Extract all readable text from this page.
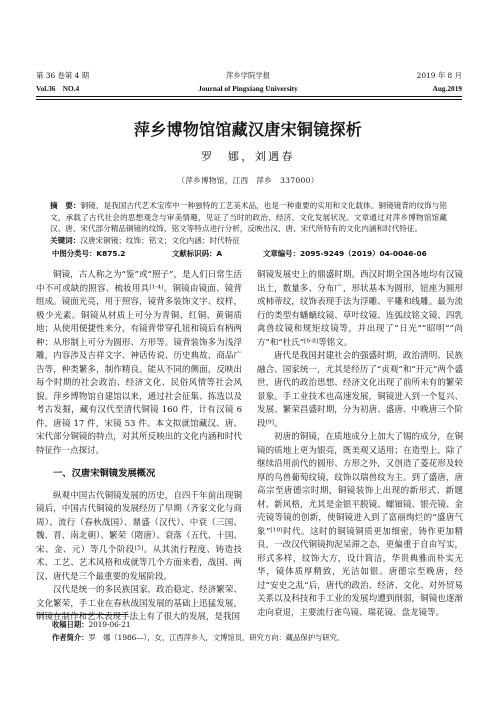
第 36 卷第 4 期
Vol.36　NO.4
萍乡学院学报
Journal of Pingxiang University
2019 年 8 月
Aug.2019
萍乡博物馆馆藏汉唐宋铜镜探析
罗　娜，刘遇春
（萍乡博物馆，江西　萍乡　337000）
摘　要：铜镜，是我国古代艺术宝库中一种独特的工艺美术品，也是一种重要的实用和文化载体。铜镜镜背的纹饰与铭文，承载了古代社会的思想观念与审美情趣，见证了当时的政治、经济、文化发展状况。文章通过对萍乡博物馆馆藏汉、唐、宋代部分精品铜镜的纹饰、铭文等特点进行分析，反映出汉、唐、宋代所特有的文化内涵和时代特征。
关键词：汉唐宋铜镜；纹饰；铭文；文化内涵；时代特征
中图分类号：K875.2	文献标识码：A	文章编号：2095-9249（2019）04-0046-06

铜镜，古人称之为“鉴”或“照子”，是人们日常生活中不可或缺的照容、梳妆用具[1-4]。铜镜由镜面、镜背组成。镜面光亮，用于照容，镜背多装饰文字、纹样，极少光素。铜镜从材质上可分为青铜、红铜、黄铜质地；从使用便捷性来分，有镜背带穿孔钮和镜后有柄两种；从形制上可分为圆形、方形等。镜背装饰多为浅浮雕，内容涉及吉祥文字、神话传说、历史典故、商品广告等，种类繁多，制作精良。能从不同的侧面，反映出每个时期的社会政治、经济文化、民俗风情等社会风貌。萍乡博物馆自建馆以来，通过社会征集、拣选以及考古发掘，藏有汉代至清代铜镜 160 件，计有汉镜 6 件，唐镜 17 件，宋镜 53 件。本文拟就馆藏汉、唐、宋代部分铜镜的特点，对其所反映出的文化内涵和时代特征作一点探讨。

一、汉唐宋铜镜发展概况

纵观中国古代铜镜发展的历史，自四千年前出现铜镜后，中国古代铜镜的发展经历了早期（齐家文化与商周）、流行（春秋战国）、鼎盛（汉代）、中衰（三国、魏、晋、南北朝）、繁荣（隋唐）、衰落（五代、十国、宋、金、元）等几个阶段[5]。从其流行程度、铸造技术、工艺、艺术风格和成就等几个方面来看，战国、两汉、唐代是三个最重要的发展阶段。

汉代是统一的多民族国家，政治稳定、经济繁荣、文化繁荣，手工业在春秋战国发展的基础上迅猛发展，铜镜在制作和艺术表现手法上有了很大的发展，是我国

铜镜发展史上的鼎盛时期。西汉时期全国各地均有汉镜出土，数量多、分布广，形状基本为圆形，钮座为圆形或柿蒂纹，纹饰表现手法为浮雕、平雕和线雕。最为流行的类型有蟠螭纹镜、草叶纹镜、连弧纹铭文镜、四乳禽兽纹镜和规矩纹镜等，并出现了“日光”“昭明”“尚方”和“杜氏”[6-8]等铭文。

唐代是我国封建社会的强盛时期，政治清明、民族融合、国家统一，尤其是经历了“贞观”和“开元”两个盛世，唐代的政治思想、经济文化出现了前所未有的繁荣景象。手工业技术也高速发展，铜镜进入到一个复兴、发展、繁荣昌盛时期，分为初唐、盛唐、中晚唐三个阶段[9]。

初唐的铜镜，在质地成分上加大了锡的成分，在铜镜的质地上更为银亮，既美观又适用；在造型上，除了继续沿用前代的圆形、方形之外，又创造了菱花形及较厚的鸟兽葡萄纹镜，纹饰以瑞兽纹为主。到了盛唐，唐高宗至唐德宗时期，铜镜装饰上出现的新形式、新题材、新风格，尤其是金银平脱镜、螺钿镜、银壳镜、金壳镜等镜的创新，使铜镜进入到了富丽绚烂的“盛唐气象”[10]时代。这时的铜镜铜质更加细密，铸作更加精良，一改汉代铜镜拘泥呆滞之态，更偏重于自由写实，形式多样，纹饰大方，设计简洁，华贵典雅而朴实无华，镜体质厚精致，光洁如银。唐德宗至晚唐，经过“安史之乱”后，唐代的政治、经济、文化、对外贸易关系以及科技和手工业的发展均遭到削弱，铜镜也逐渐走向衰退，主要流行雀鸟镜、瑞花镜、盘龙镜等。

收稿日期：2019-06-21
作者简介：罗　娜（1986—），女，江西萍乡人，文博馆员，研究方向：藏品保护与研究。
